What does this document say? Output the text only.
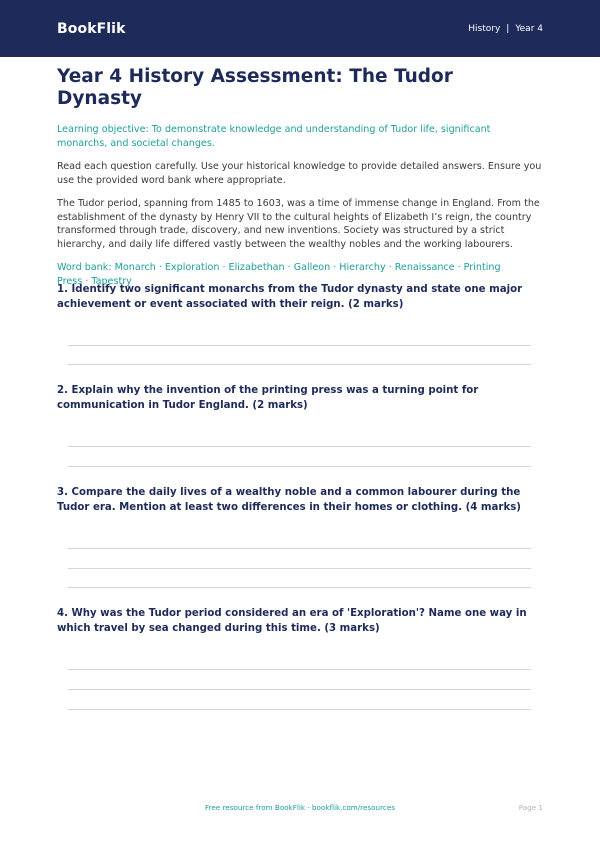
BookFlik	History | Year 4
Year 4 History Assessment: The Tudor Dynasty
Learning objective: To demonstrate knowledge and understanding of Tudor life, significant monarchs, and societal changes.
Read each question carefully. Use your historical knowledge to provide detailed answers. Ensure you use the provided word bank where appropriate.
The Tudor period, spanning from 1485 to 1603, was a time of immense change in England. From the establishment of the dynasty by Henry VII to the cultural heights of Elizabeth I’s reign, the country transformed through trade, discovery, and new inventions. Society was structured by a strict hierarchy, and daily life differed vastly between the wealthy nobles and the working labourers.
Word bank: Monarch · Exploration · Elizabethan · Galleon · Hierarchy · Renaissance · Printing Press · Tapestry
1. Identify two significant monarchs from the Tudor dynasty and state one major achievement or event associated with their reign. (2 marks)
2. Explain why the invention of the printing press was a turning point for communication in Tudor England. (2 marks)
3. Compare the daily lives of a wealthy noble and a common labourer during the Tudor era. Mention at least two differences in their homes or clothing. (4 marks)
4. Why was the Tudor period considered an era of 'Exploration'? Name one way in which travel by sea changed during this time. (3 marks)
Free resource from BookFlik · bookflik.com/resources	Page 1
